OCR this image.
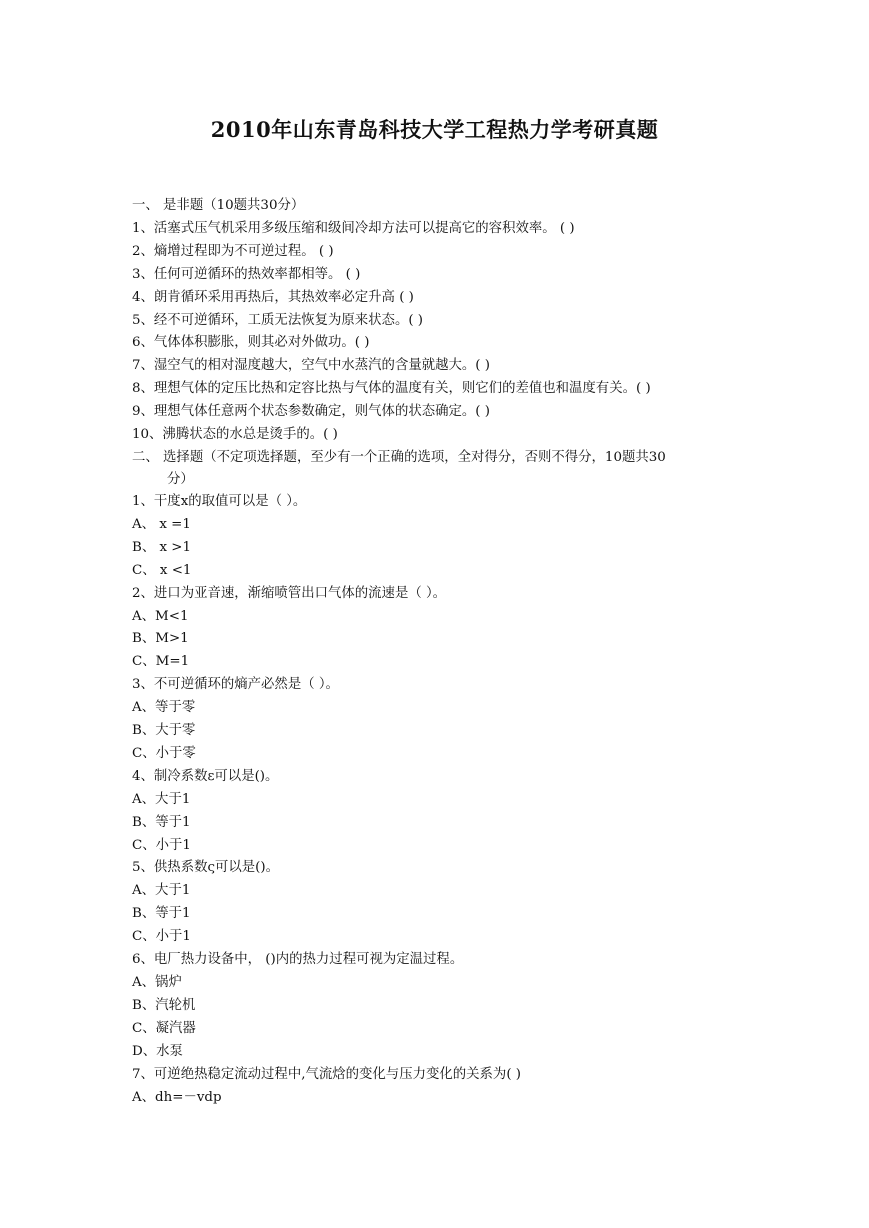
2010年山东青岛科技大学工程热力学考研真题
一、 是非题（10题共30分）
1、活塞式压气机采用多级压缩和级间冷却方法可以提高它的容积效率。 ( )
2、熵增过程即为不可逆过程。 ( )
3、任何可逆循环的热效率都相等。 ( )
4、朗肯循环采用再热后，其热效率必定升高 ( )
5、经不可逆循环，工质无法恢复为原来状态。( )
6、气体体积膨胀，则其必对外做功。( )
7、湿空气的相对湿度越大，空气中水蒸汽的含量就越大。( )
8、理想气体的定压比热和定容比热与气体的温度有关，则它们的差值也和温度有关。( )
9、理想气体任意两个状态参数确定，则气体的状态确定。( )
10、沸腾状态的水总是烫手的。( )
二、 选择题（不定项选择题，至少有一个正确的选项，全对得分，否则不得分，10题共30
分）
1、干度x的取值可以是（ ）。
A、 x =1
B、 x >1
C、 x <1
2、进口为亚音速，渐缩喷管出口气体的流速是（ ）。
A、M<1
B、M>1
C、M=1
3、不可逆循环的熵产必然是（ ）。
A、等于零
B、大于零
C、小于零
4、制冷系数ε可以是()。
A、大于1
B、等于1
C、小于1
5、供热系数ς可以是()。
A、大于1
B、等于1
C、小于1
6、电厂热力设备中， ()内的热力过程可视为定温过程。
A、锅炉
B、汽轮机
C、凝汽器
D、水泵
7、可逆绝热稳定流动过程中,气流焓的变化与压力变化的关系为( )
A、dh=－vdp
